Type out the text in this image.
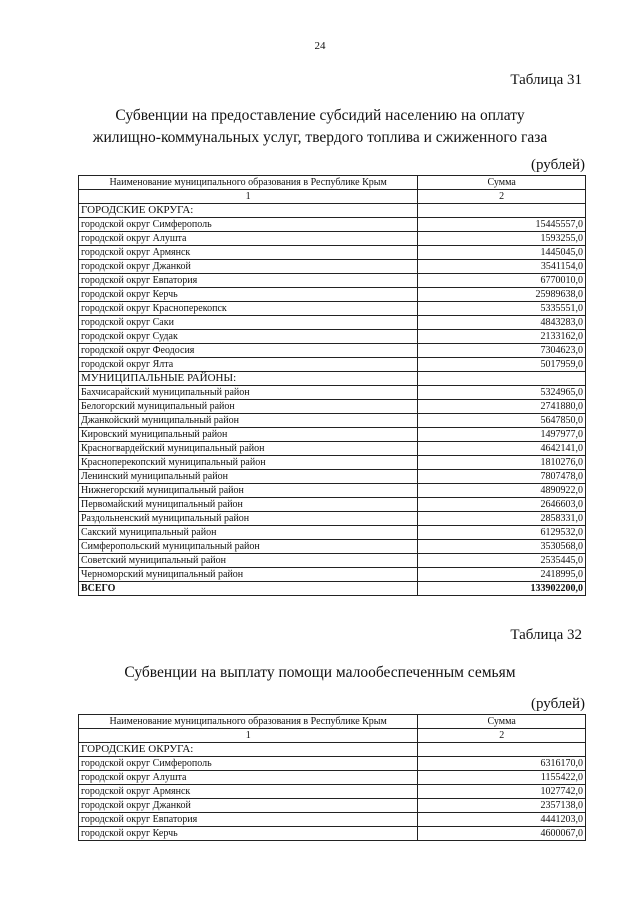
24
Таблица 31
Субвенции на предоставление субсидий населению на оплату
жилищно-коммунальных услуг, твердого топлива и сжиженного газа
(рублей)
Наименование муниципального образования в Республике Крым	Сумма
1	2
ГОРОДСКИЕ ОКРУГА:	
городской округ Симферополь	15445557,0
городской округ Алушта	1593255,0
городской округ Армянск	1445045,0
городской округ Джанкой	3541154,0
городской округ Евпатория	6770010,0
городской округ Керчь	25989638,0
городской округ Красноперекопск	5335551,0
городской округ Саки	4843283,0
городской округ Судак	2133162,0
городской округ Феодосия	7304623,0
городской округ Ялта	5017959,0
МУНИЦИПАЛЬНЫЕ РАЙОНЫ:	
Бахчисарайский муниципальный район	5324965,0
Белогорский муниципальный район	2741880,0
Джанкойский муниципальный район	5647850,0
Кировский муниципальный район	1497977,0
Красногвардейский муниципальный район	4642141,0
Красноперекопский муниципальный район	1810276,0
Ленинский муниципальный район	7807478,0
Нижнегорский муниципальный район	4890922,0
Первомайский муниципальный район	2646603,0
Раздольненский муниципальный район	2858331,0
Сакский муниципальный район	6129532,0
Симферопольский муниципальный район	3530568,0
Советский муниципальный район	2535445,0
Черноморский муниципальный район	2418995,0
ВСЕГО	133902200,0
Таблица 32
Субвенции на выплату помощи малообеспеченным семьям
(рублей)
Наименование муниципального образования в Республике Крым	Сумма
1	2
ГОРОДСКИЕ ОКРУГА:	
городской округ Симферополь	6316170,0
городской округ Алушта	1155422,0
городской округ Армянск	1027742,0
городской округ Джанкой	2357138,0
городской округ Евпатория	4441203,0
городской округ Керчь	4600067,0
